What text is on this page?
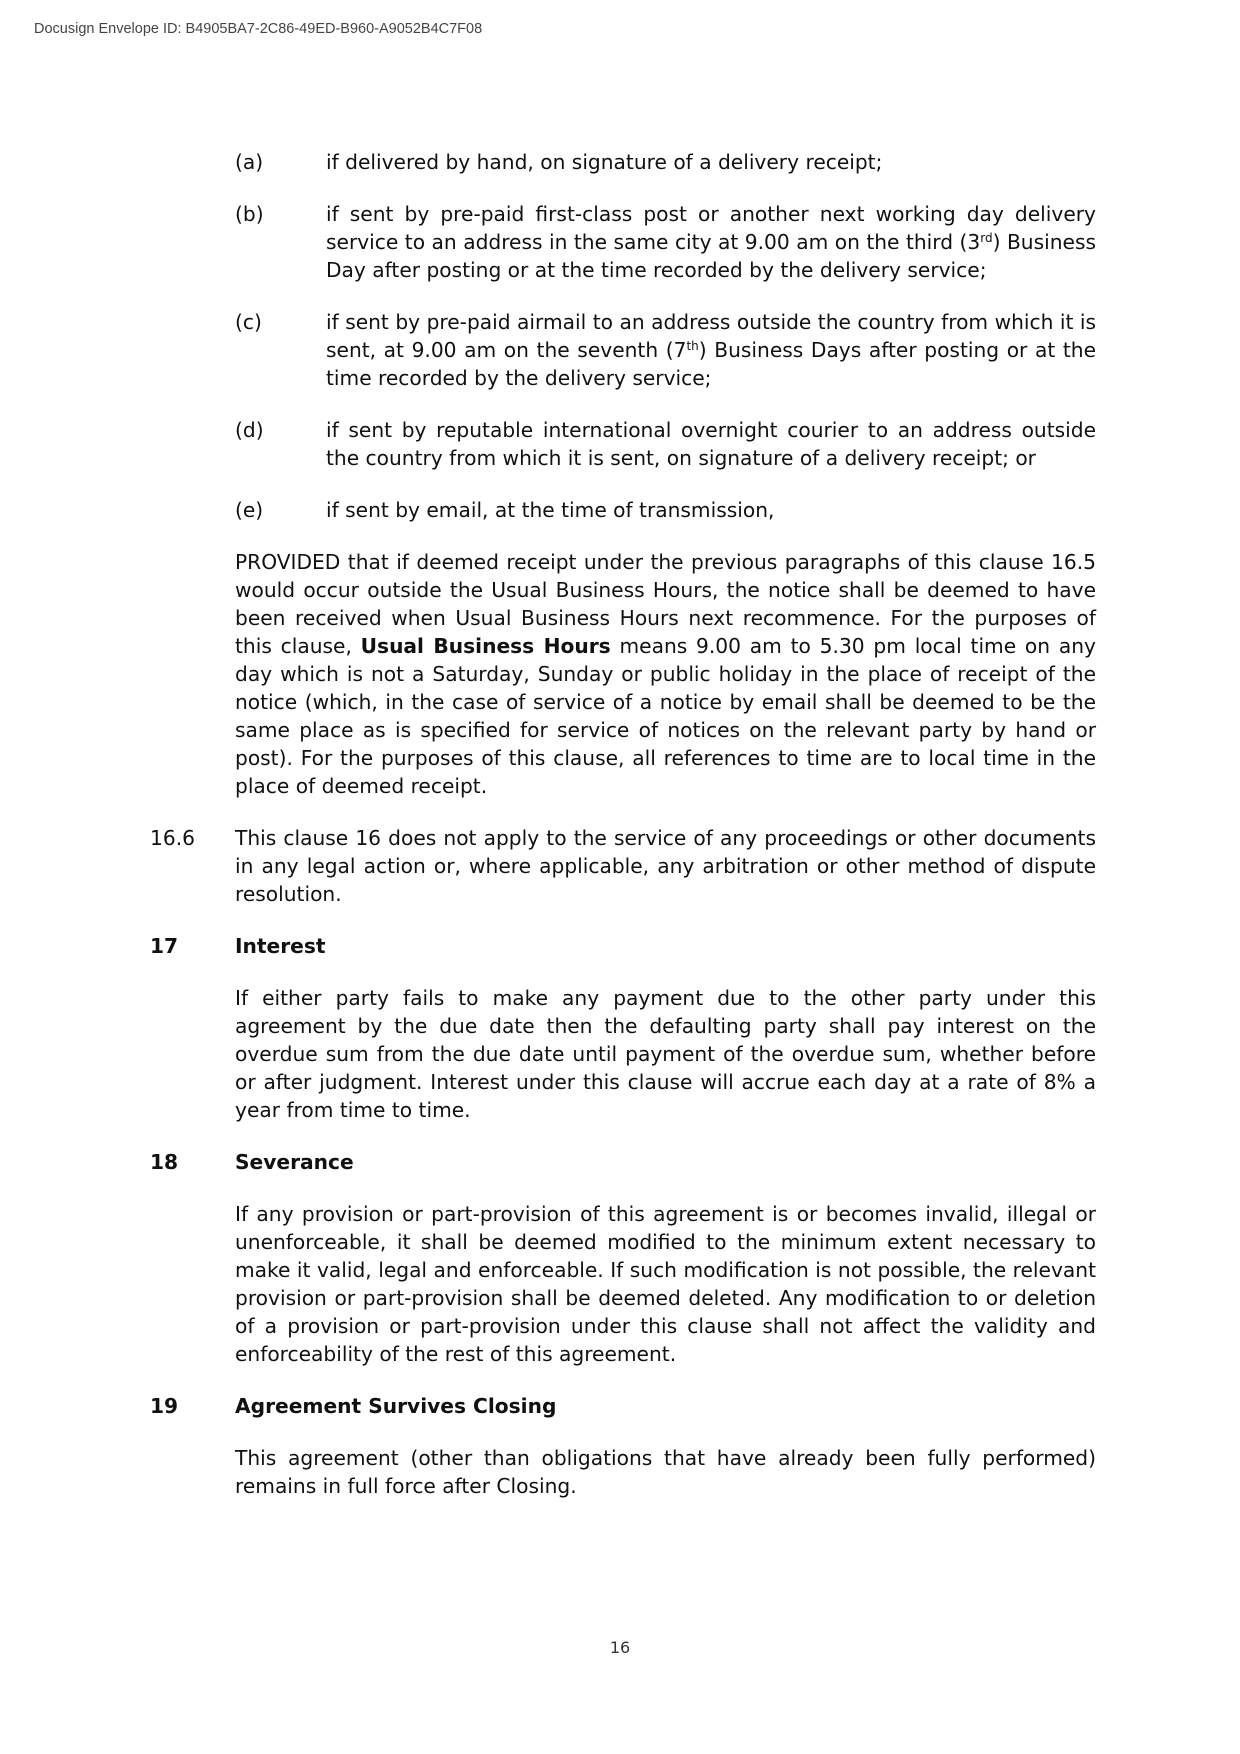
Docusign Envelope ID: B4905BA7-2C86-49ED-B960-A9052B4C7F08
(a)	if delivered by hand, on signature of a delivery receipt;
(b)	if sent by pre-paid first-class post or another next working day delivery service to an address in the same city at 9.00 am on the third (3rd) Business Day after posting or at the time recorded by the delivery service;
(c)	if sent by pre-paid airmail to an address outside the country from which it is sent, at 9.00 am on the seventh (7th) Business Days after posting or at the time recorded by the delivery service;
(d)	if sent by reputable international overnight courier to an address outside the country from which it is sent, on signature of a delivery receipt; or
(e)	if sent by email, at the time of transmission,
PROVIDED that if deemed receipt under the previous paragraphs of this clause 16.5 would occur outside the Usual Business Hours, the notice shall be deemed to have been received when Usual Business Hours next recommence. For the purposes of this clause, Usual Business Hours means 9.00 am to 5.30 pm local time on any day which is not a Saturday, Sunday or public holiday in the place of receipt of the notice (which, in the case of service of a notice by email shall be deemed to be the same place as is specified for service of notices on the relevant party by hand or post). For the purposes of this clause, all references to time are to local time in the place of deemed receipt.
16.6	This clause 16 does not apply to the service of any proceedings or other documents in any legal action or, where applicable, any arbitration or other method of dispute resolution.
17	Interest
If either party fails to make any payment due to the other party under this agreement by the due date then the defaulting party shall pay interest on the overdue sum from the due date until payment of the overdue sum, whether before or after judgment. Interest under this clause will accrue each day at a rate of 8% a year from time to time.
18	Severance
If any provision or part-provision of this agreement is or becomes invalid, illegal or unenforceable, it shall be deemed modified to the minimum extent necessary to make it valid, legal and enforceable. If such modification is not possible, the relevant provision or part-provision shall be deemed deleted. Any modification to or deletion of a provision or part-provision under this clause shall not affect the validity and enforceability of the rest of this agreement.
19	Agreement Survives Closing
This agreement (other than obligations that have already been fully performed) remains in full force after Closing.
16
